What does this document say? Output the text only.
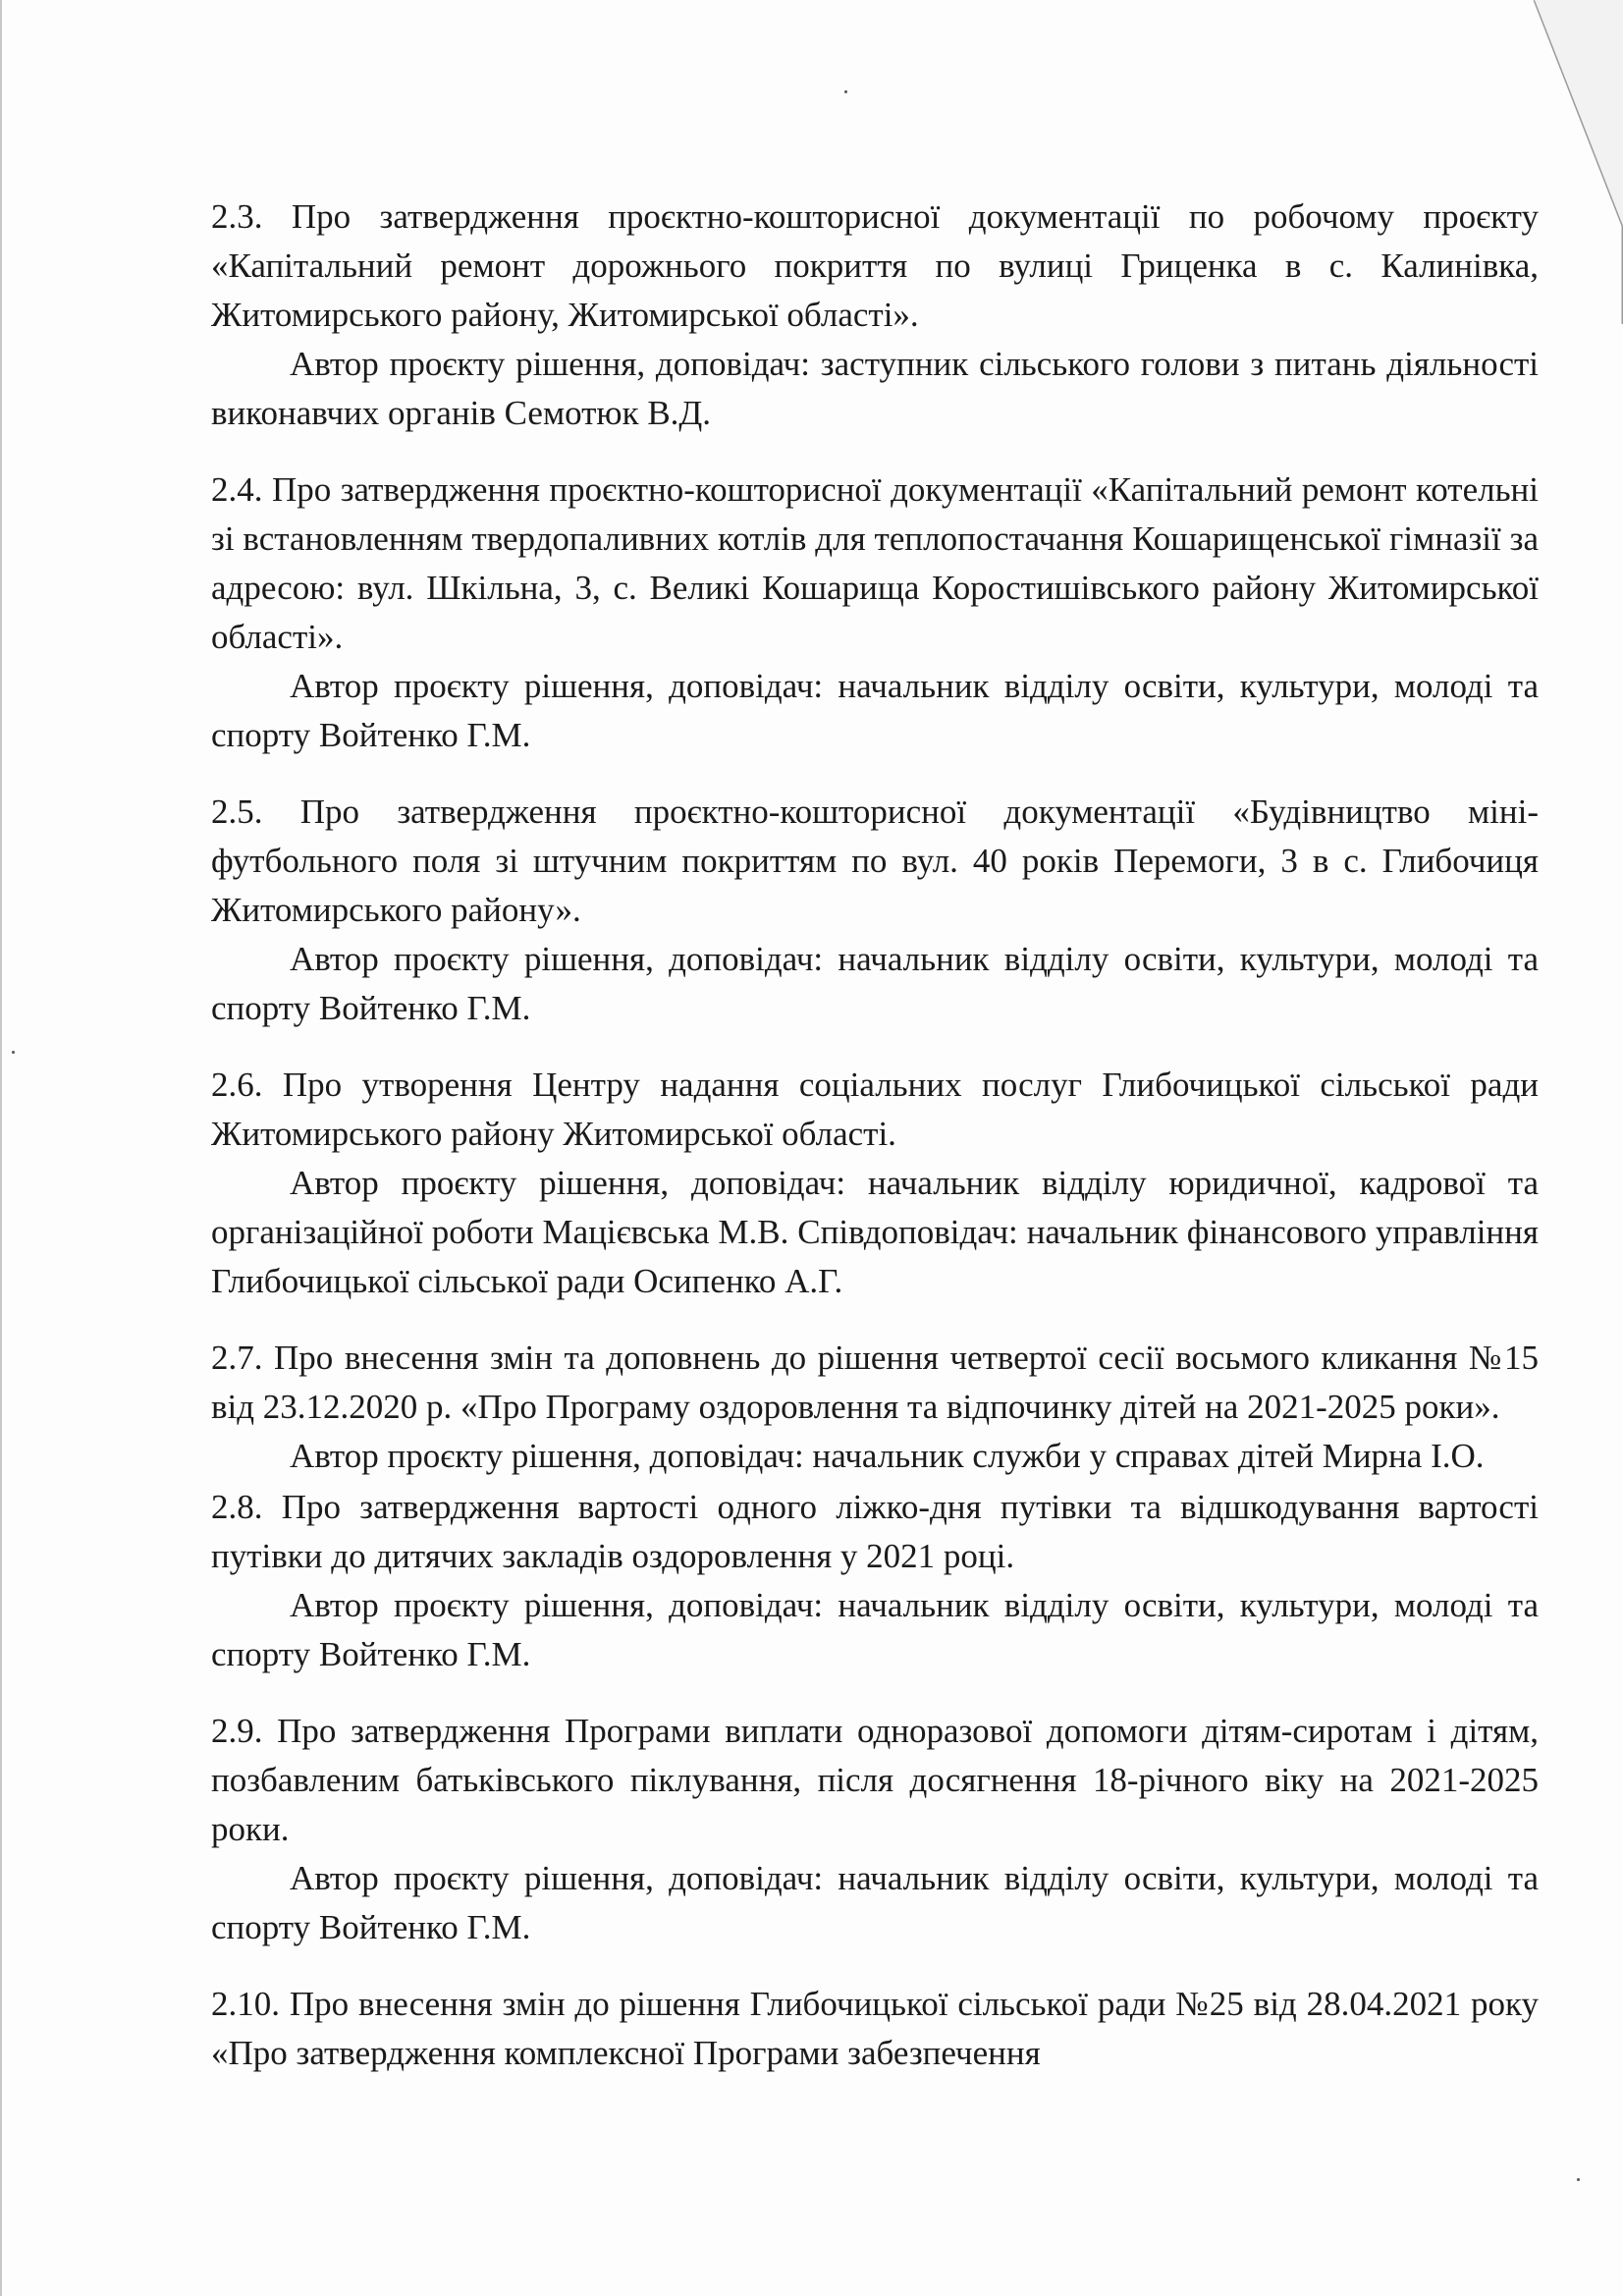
2.3. Про затвердження проєктно-кошторисної документації по робочому проєкту «Капітальний ремонт дорожнього покриття по вулиці Гриценка в с. Калинівка, Житомирського району, Житомирської області».

Автор проєкту рішення, доповідач: заступник сільського голови з питань діяльності виконавчих органів Семотюк В.Д.

2.4. Про затвердження проєктно-кошторисної документації «Капітальний ремонт котельні зі встановленням твердопаливних котлів для теплопостачання Кошарищенської гімназії за адресою: вул. Шкільна, 3, с. Великі Кошарища Коростишівського району Житомирської області».

Автор проєкту рішення, доповідач: начальник відділу освіти, культури, молоді та спорту Войтенко Г.М.

2.5. Про затвердження проєктно-кошторисної документації «Будівництво міні-футбольного поля зі штучним покриттям по вул. 40 років Перемоги, 3 в с. Глибочиця Житомирського району».

Автор проєкту рішення, доповідач: начальник відділу освіти, культури, молоді та спорту Войтенко Г.М.

2.6. Про утворення Центру надання соціальних послуг Глибочицької сільської ради Житомирського району Житомирської області.

Автор проєкту рішення, доповідач: начальник відділу юридичної, кадрової та організаційної роботи Мацієвська М.В. Співдоповідач: начальник фінансового управління Глибочицької сільської ради Осипенко А.Г.

2.7. Про внесення змін та доповнень до рішення четвертої сесії восьмого кликання №15 від 23.12.2020 р. «Про Програму оздоровлення та відпочинку дітей на 2021-2025 роки».

Автор проєкту рішення, доповідач: начальник служби у справах дітей Мирна І.О.

2.8. Про затвердження вартості одного ліжко-дня путівки та відшкодування вартості путівки до дитячих закладів оздоровлення у 2021 році.

Автор проєкту рішення, доповідач: начальник відділу освіти, культури, молоді та спорту Войтенко Г.М.

2.9. Про затвердження Програми виплати одноразової допомоги дітям-сиротам і дітям, позбавленим батьківського піклування, після досягнення 18-річного віку на 2021-2025 роки.

Автор проєкту рішення, доповідач: начальник відділу освіти, культури, молоді та спорту Войтенко Г.М.

2.10. Про внесення змін до рішення Глибочицької сільської ради №25 від 28.04.2021 року «Про затвердження комплексної Програми забезпечення
